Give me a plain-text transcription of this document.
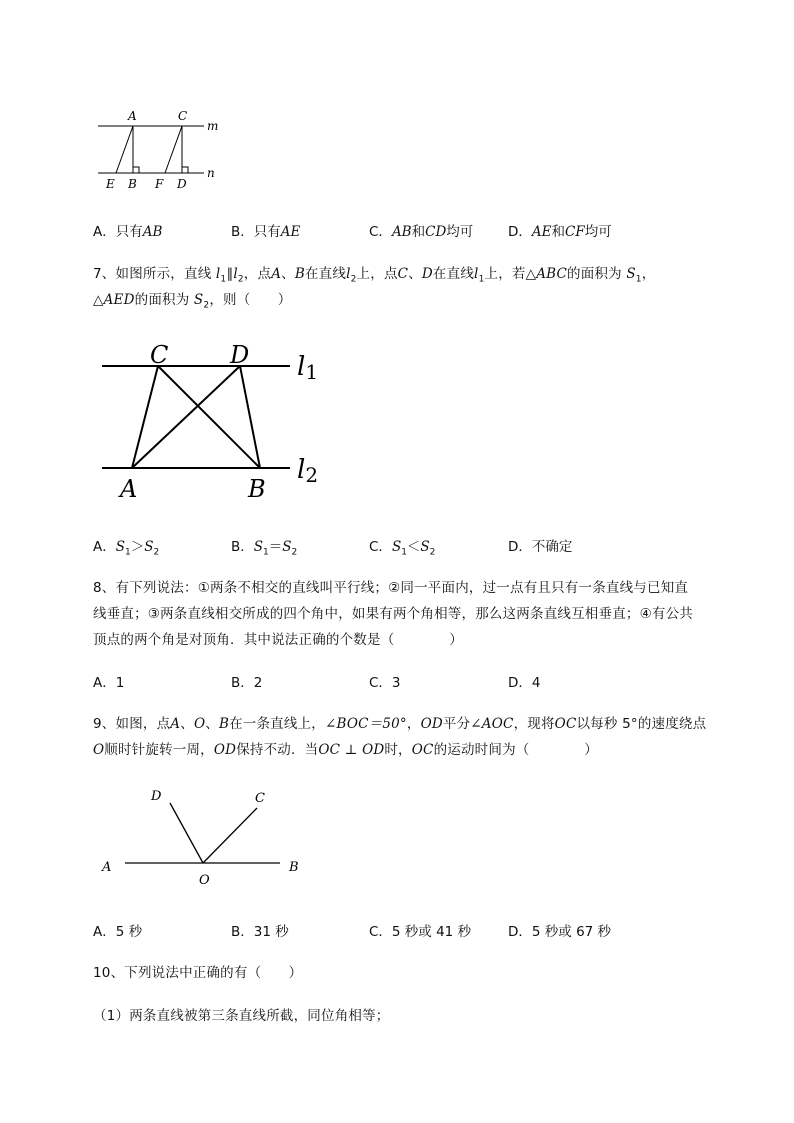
A	C
m
E B F D
n
A．只有AB	B．只有AE	C．AB和CD均可	D．AE和CF均可
7、如图所示，直线 $l_1\parallel l_2$，点A、B在直线$l_2$上，点C、D在直线$l_1$上，若△ABC的面积为 $S_1$，
△AED的面积为 $S_2$，则（　　）
C	D l1
A	B
l2
A．$S_1>S_2$	B．$S_1=S_2$	C．$S_1<S_2$	D．不确定
8、有下列说法：①两条不相交的直线叫平行线；②同一平面内，过一点有且只有一条直线与已知直
线垂直；③两条直线相交所成的四个角中，如果有两个角相等，那么这两条直线互相垂直；④有公共
顶点的两个角是对顶角．其中说法正确的个数是（　　　　）
A．1	B．2	C．3	D．4
9、如图，点A、O、B在一条直线上，∠BOC＝50°，OD平分∠AOC，现将OC以每秒 5°的速度绕点
O顺时针旋转一周，OD保持不动．当OC ⊥ OD时，OC的运动时间为（　　　　）
D	C
A
O
B
A．5 秒	B．31 秒	C．5 秒或 41 秒	D．5 秒或 67 秒
10、下列说法中正确的有（　　）
（1）两条直线被第三条直线所截，同位角相等；
